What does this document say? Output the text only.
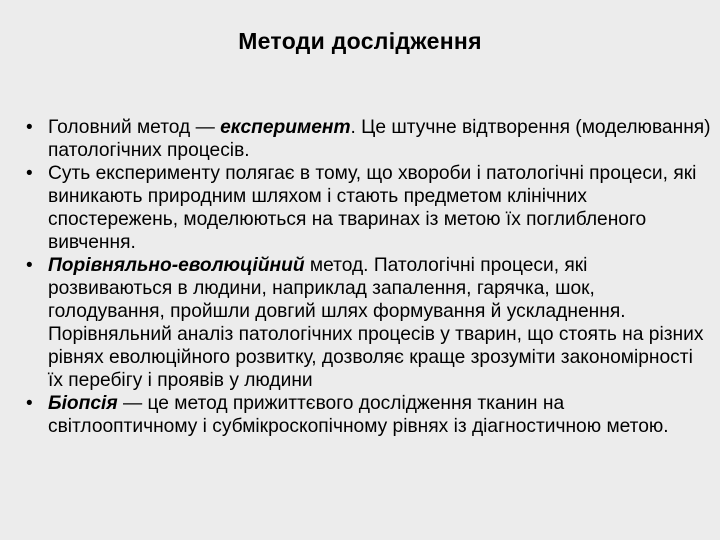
Методи дослідження
• Головний метод — експеримент. Це штучне відтворення (моделювання) патологічних процесів.
• Суть експерименту полягає в тому, що хвороби і патологічні процеси, які виникають природним шляхом і стають предметом клінічних спостережень, моделюються на тваринах із метою їх поглибленого вивчення.
• Порівняльно-еволюційний метод. Патологічні процеси, які розвиваються в людини, наприклад запалення, гарячка, шок, голодування, пройшли довгий шлях формування й ускладнення. Порівняльний аналіз патологічних процесів у тварин, що стоять на різних рівнях еволюційного розвитку, дозволяє краще зрозуміти закономірності їх перебігу і проявів у людини
• Біопсія — це метод прижиттєвого дослідження тканин на світлооптичному і субмікроскопічному рівнях із діагностичною метою.
